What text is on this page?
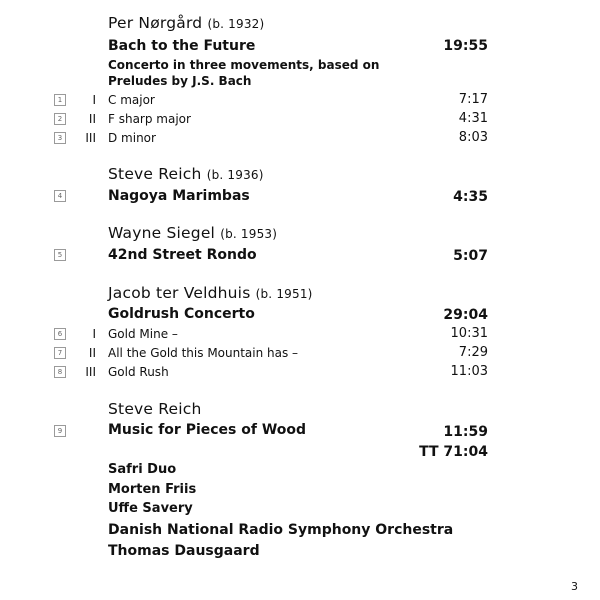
Per Nørgård (b. 1932)
Bach to the Future	19:55
Concerto in three movements, based on
Preludes by J.S. Bach
1	I C major	7:17
2	II F sharp major	4:31
3	III D minor	8:03
Steve Reich (b. 1936)
4	Nagoya Marimbas	4:35
Wayne Siegel (b. 1953)
5	42nd Street Rondo	5:07
Jacob ter Veldhuis (b. 1951)
Goldrush Concerto	29:04
6	I Gold Mine –	10:31
7	II All the Gold this Mountain has –	7:29
8	III Gold Rush	11:03
Steve Reich
9	Music for Pieces of Wood	11:59
TT 71:04
Safri Duo
Morten Friis
Uffe Savery
Danish National Radio Symphony Orchestra
Thomas Dausgaard
3
